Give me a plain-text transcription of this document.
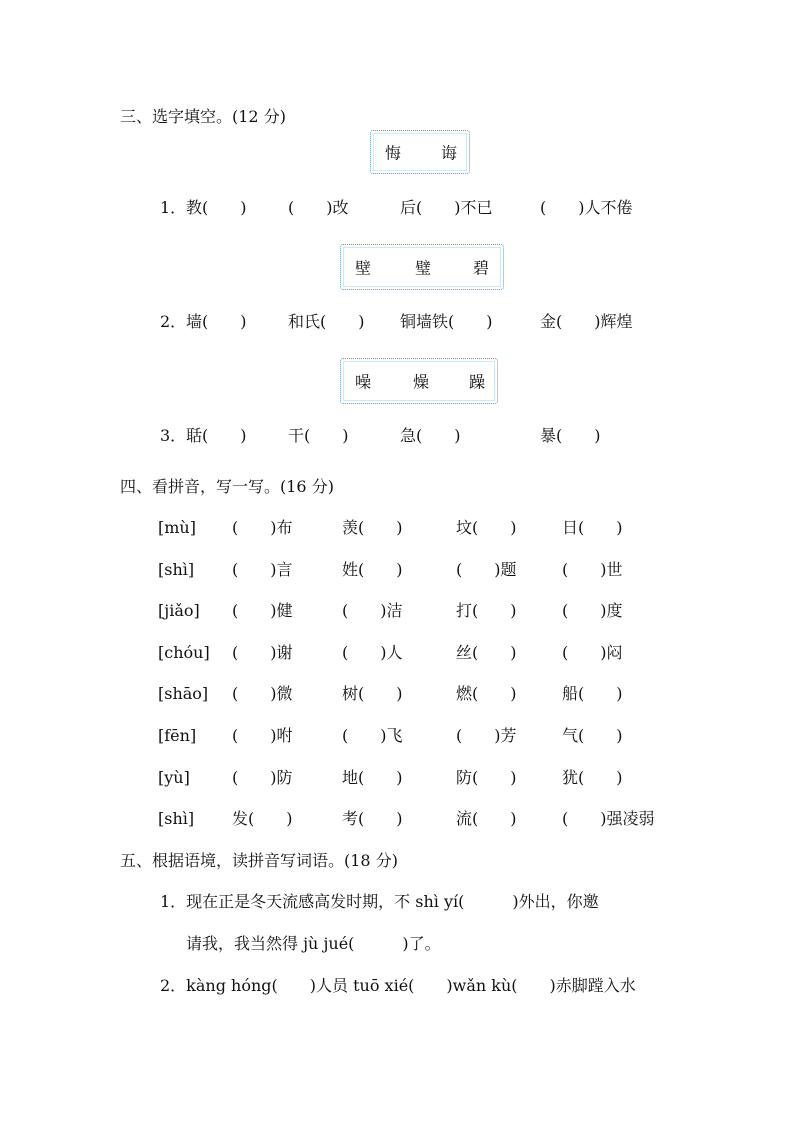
三、选字填空。(12 分)
悔 诲
1． 教(　　)	(　　)改	后(　　)不已	(　　)人不倦
壁	璧	碧
2． 墙(　　)	和氏(　　) 铜墙铁(　　)	金(　　)辉煌
噪	燥 躁
3． 聒(　　)	干(　　)	急(　　)	暴(　　)
四、看拼音，写一写。(16 分)
[mù] (　　)布	羡(　　)	坟(　　)	日(　　)
[shì] (　　)言	姓(　　)	(　　)题	(　　)世
[jiǎo] (　　)健	(　　)洁	打(　　)	(　　)度
[chóu] (　　)谢	(　　)人	丝(　　)	(　　)闷
[shāo] (　　)微	树(　　)	燃(　　)	船(　　)
[fēn] (　　)咐	(　　)飞	(　　)芳	气(　　)
[yù]	(　　)防	地(　　)	防(　　)	犹(　　)
[shì] 发(　　)	考(　　)	流(　　)	(　　)强凌弱
五、根据语境，读拼音写词语。(18 分)
1．现在正是冬天流感高发时期，不 shì yí(　　　)外出，你邀
请我，我当然得 jù jué(　　　)了。
2．kàng hóng(　　)人员 tuō xié(　　)wǎn kù(　　)赤脚蹚入水
